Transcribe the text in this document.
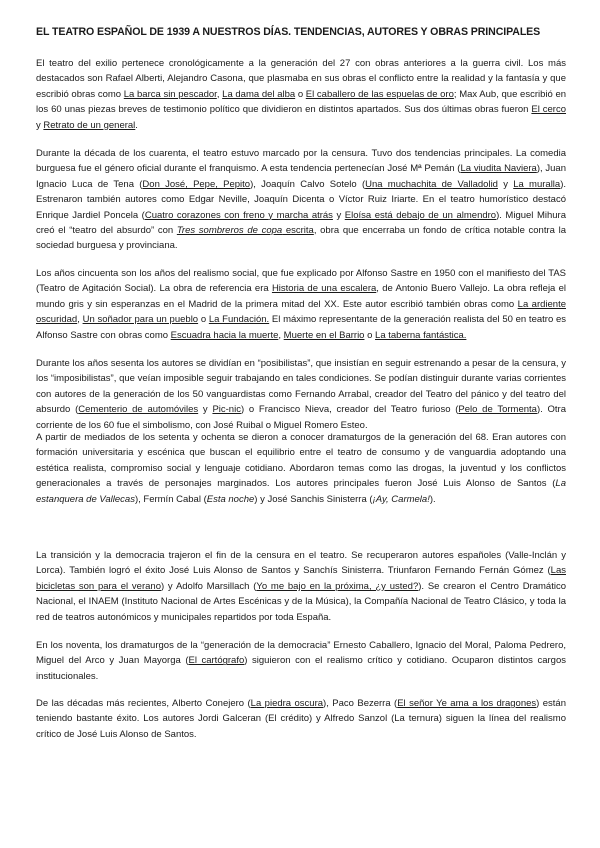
EL TEATRO ESPAÑOL DE 1939 A NUESTROS DÍAS. TENDENCIAS, AUTORES Y OBRAS PRINCIPALES
El teatro del exilio pertenece cronológicamente a la generación del 27 con obras anteriores a la guerra civil. Los más destacados son Rafael Alberti, Alejandro Casona, que plasmaba en sus obras el conflicto entre la realidad y la fantasía y que escribió obras como La barca sin pescador, La dama del alba o El caballero de las espuelas de oro; Max Aub, que escribió en los 60 unas piezas breves de testimonio político que dividieron en distintos apartados. Sus dos últimas obras fueron El cerco y Retrato de un general.
Durante la década de los cuarenta, el teatro estuvo marcado por la censura. Tuvo dos tendencias principales. La comedia burguesa fue el género oficial durante el franquismo. A esta tendencia pertenecían José Mª Pemán (La viudita Naviera), Juan Ignacio Luca de Tena (Don José, Pepe, Pepito), Joaquín Calvo Sotelo (Una muchachita de Valladolid y La muralla). Estrenaron también autores como Edgar Neville, Joaquín Dicenta o Víctor Ruiz Iriarte. En el teatro humorístico destacó Enrique Jardiel Poncela (Cuatro corazones con freno y marcha atrás y Eloísa está debajo de un almendro). Miguel Mihura creó el “teatro del absurdo” con Tres sombreros de copa escrita, obra que encerraba un fondo de crítica notable contra la sociedad burguesa y provinciana.
Los años cincuenta son los años del realismo social, que fue explicado por Alfonso Sastre en 1950 con el manifiesto del TAS (Teatro de Agitación Social). La obra de referencia era Historia de una escalera, de Antonio Buero Vallejo. La obra refleja el mundo gris y sin esperanzas en el Madrid de la primera mitad del XX. Este autor escribió también obras como La ardiente oscuridad, Un soñador para un pueblo o La Fundación. El máximo representante de la generación realista del 50 en teatro es Alfonso Sastre con obras como Escuadra hacia la muerte, Muerte en el Barrio o La taberna fantástica.
Durante los años sesenta los autores se dividían en “posibilistas”, que insistían en seguir estrenando a pesar de la censura, y los “imposibilistas”, que veían imposible seguir trabajando en tales condiciones. Se podían distinguir durante varias corrientes con autores de la generación de los 50 vanguardistas como Fernando Arrabal, creador del Teatro del pánico y del teatro del absurdo (Cementerio de automóviles y Pic-nic) o Francisco Nieva, creador del Teatro furioso (Pelo de Tormenta). Otra corriente de los 60 fue el simbolismo, con José Ruibal o Miguel Romero Esteo.
A partir de mediados de los setenta y ochenta se dieron a conocer dramaturgos de la generación del 68. Eran autores con formación universitaria y escénica que buscan el equilibrio entre el teatro de consumo y de vanguardia adoptando una estética realista, compromiso social y lenguaje cotidiano. Abordaron temas como las drogas, la juventud y los conflictos generacionales a través de personajes marginados. Los autores principales fueron José Luis Alonso de Santos (La estanquera de Vallecas), Fermín Cabal (Esta noche) y José Sanchis Sinisterra (¡Ay, Carmela!).
La transición y la democracia trajeron el fin de la censura en el teatro. Se recuperaron autores españoles (Valle-Inclán y Lorca). También logró el éxito José Luis Alonso de Santos y Sanchís Sinisterra. Triunfaron Fernando Fernán Gómez (Las bicicletas son para el verano) y Adolfo Marsillach (Yo me bajo en la próxima, ¿y usted?). Se crearon el Centro Dramático Nacional, el INAEM (Instituto Nacional de Artes Escénicas y de la Música), la Compañía Nacional de Teatro Clásico, y toda la red de teatros autonómicos y municipales repartidos por toda España.
En los noventa, los dramaturgos de la “generación de la democracia” Ernesto Caballero, Ignacio del Moral, Paloma Pedrero, Miguel del Arco y Juan Mayorga (El cartógrafo) siguieron con el realismo crítico y cotidiano. Ocuparon distintos cargos institucionales.
De las décadas más recientes, Alberto Conejero (La piedra oscura), Paco Bezerra (El señor Ye ama a los dragones) están teniendo bastante éxito. Los autores Jordi Galceran (El crédito) y Alfredo Sanzol (La ternura) siguen la línea del realismo crítico de José Luis Alonso de Santos.
